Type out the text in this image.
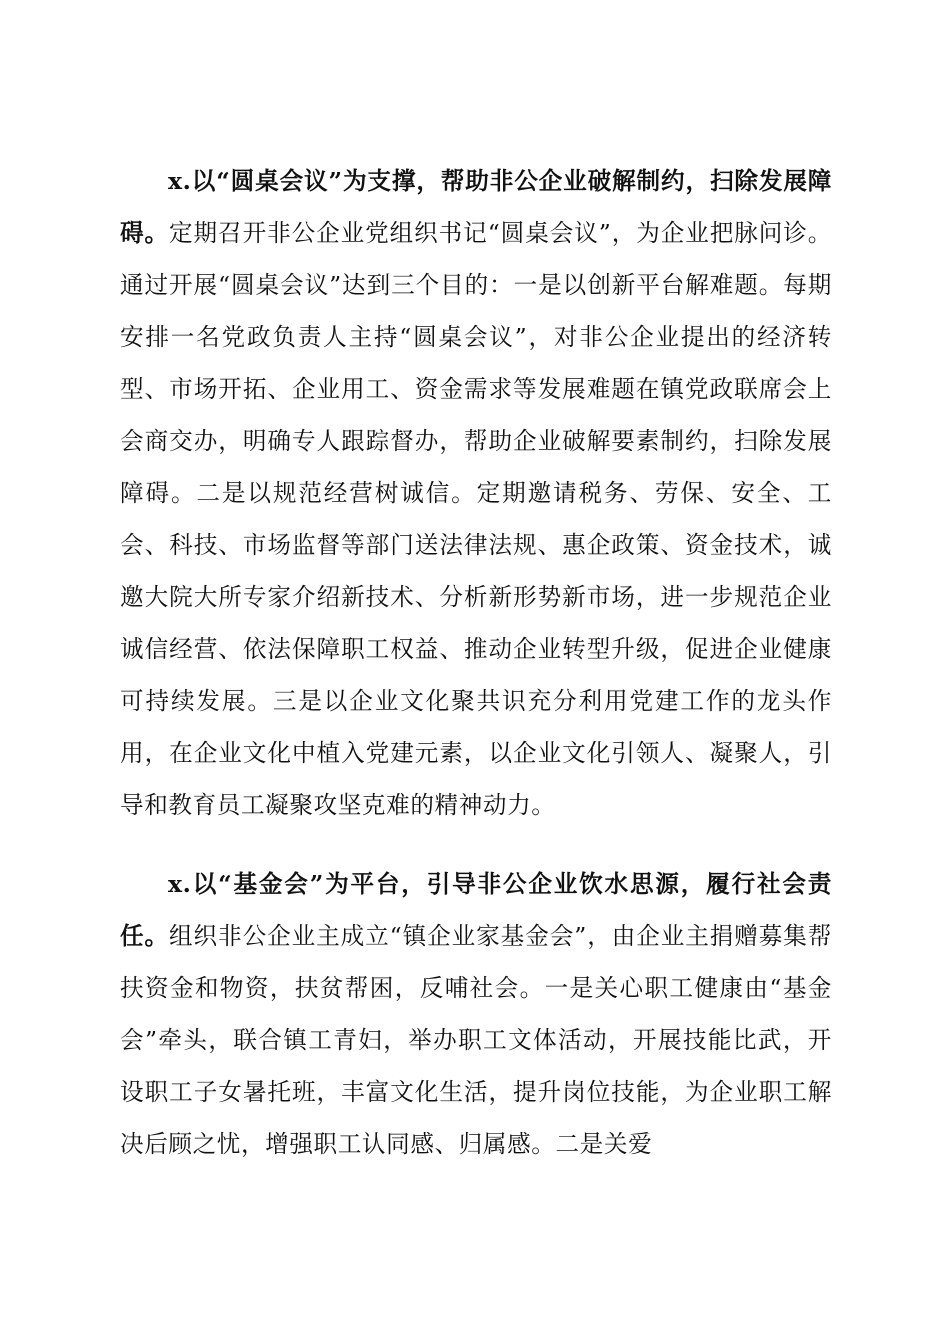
x.以“圆桌会议”为支撑，帮助非公企业破解制约，扫除发展障碍。定期召开非公企业党组织书记“圆桌会议”，为企业把脉问诊。通过开展“圆桌会议”达到三个目的：一是以创新平台解难题。每期安排一名党政负责人主持“圆桌会议”，对非公企业提出的经济转型、市场开拓、企业用工、资金需求等发展难题在镇党政联席会上会商交办，明确专人跟踪督办，帮助企业破解要素制约，扫除发展障碍。二是以规范经营树诚信。定期邀请税务、劳保、安全、工会、科技、市场监督等部门送法律法规、惠企政策、资金技术，诚邀大院大所专家介绍新技术、分析新形势新市场，进一步规范企业诚信经营、依法保障职工权益、推动企业转型升级，促进企业健康可持续发展。三是以企业文化聚共识充分利用党建工作的龙头作用，在企业文化中植入党建元素，以企业文化引领人、凝聚人，引导和教育员工凝聚攻坚克难的精神动力。

x.以“基金会”为平台，引导非公企业饮水思源，履行社会责任。组织非公企业主成立“镇企业家基金会”，由企业主捐赠募集帮扶资金和物资，扶贫帮困，反哺社会。一是关心职工健康由“基金会”牵头，联合镇工青妇，举办职工文体活动，开展技能比武，开设职工子女暑托班，丰富文化生活，提升岗位技能，为企业职工解决后顾之忧，增强职工认同感、归属感。二是关爱
